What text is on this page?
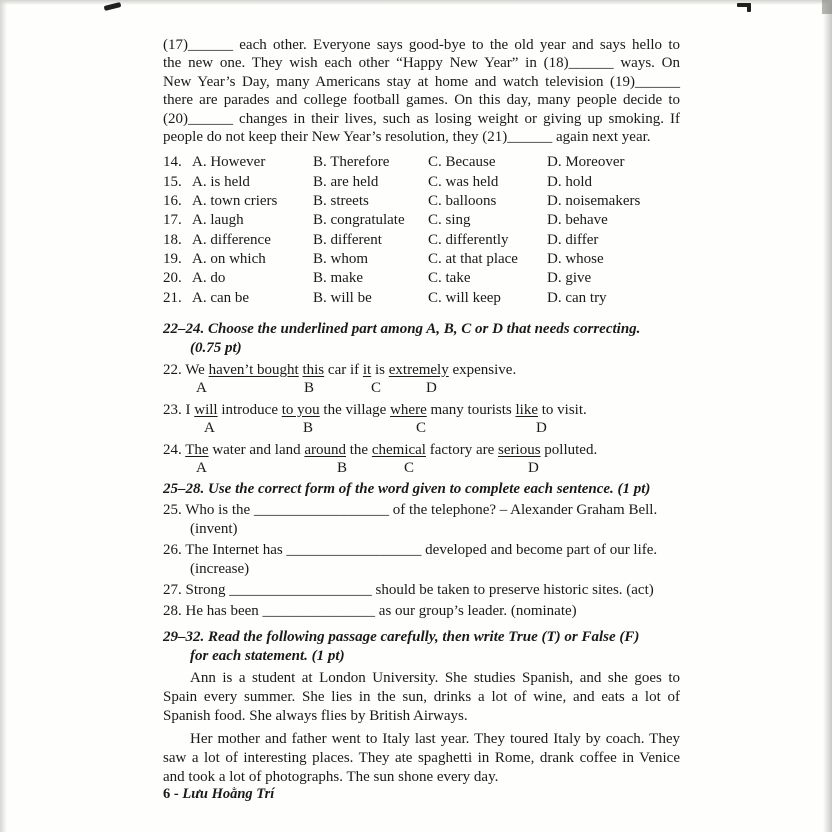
(17)______ each other. Everyone says good-bye to the old year and says hello to
the new one. They wish each other “Happy New Year” in (18)______ ways. On
New Year’s Day, many Americans stay at home and watch television (19)______
there are parades and college football games. On this day, many people decide to
(20)______ changes in their lives, such as losing weight or giving up smoking. If
people do not keep their New Year’s resolution, they (21)______ again next year.
14. A. However	B. Therefore	C. Because	D. Moreover
15. A. is held	B. are held	C. was held	D. hold
16. A. town criers	B. streets	C. balloons	D. noisemakers
17. A. laugh	B. congratulate	C. sing	D. behave
18. A. difference	B. different	C. differently	D. differ
19. A. on which	B. whom	C. at that place	D. whose
20. A. do	B. make	C. take	D. give
21. A. can be	B. will be	C. will keep	D. can try
22–24. Choose the underlined part among A, B, C or D that needs correcting.
(0.75 pt)
22. We haven’t bought this car if it is extremely expensive.
A	B	C	D
23. I will introduce to you the village where many tourists like to visit.
A	B	C	D
24. The water and land around the chemical factory are serious polluted.
A	B	C	D
25–28. Use the correct form of the word given to complete each sentence. (1 pt)
25. Who is the __________________ of the telephone? – Alexander Graham Bell.
(invent)
26. The Internet has __________________ developed and become part of our life.
(increase)
27. Strong ___________________ should be taken to preserve historic sites. (act)
28. He has been _______________ as our group’s leader. (nominate)
29–32. Read the following passage carefully, then write True (T) or False (F)
for each statement. (1 pt)
Ann is a student at London University. She studies Spanish, and she goes to
Spain every summer. She lies in the sun, drinks a lot of wine, and eats a lot of
Spanish food. She always flies by British Airways.
Her mother and father went to Italy last year. They toured Italy by coach. They
saw a lot of interesting places. They ate spaghetti in Rome, drank coffee in Venice
and took a lot of photographs. The sun shone every day.
6 - Lưu Hoằng Trí
